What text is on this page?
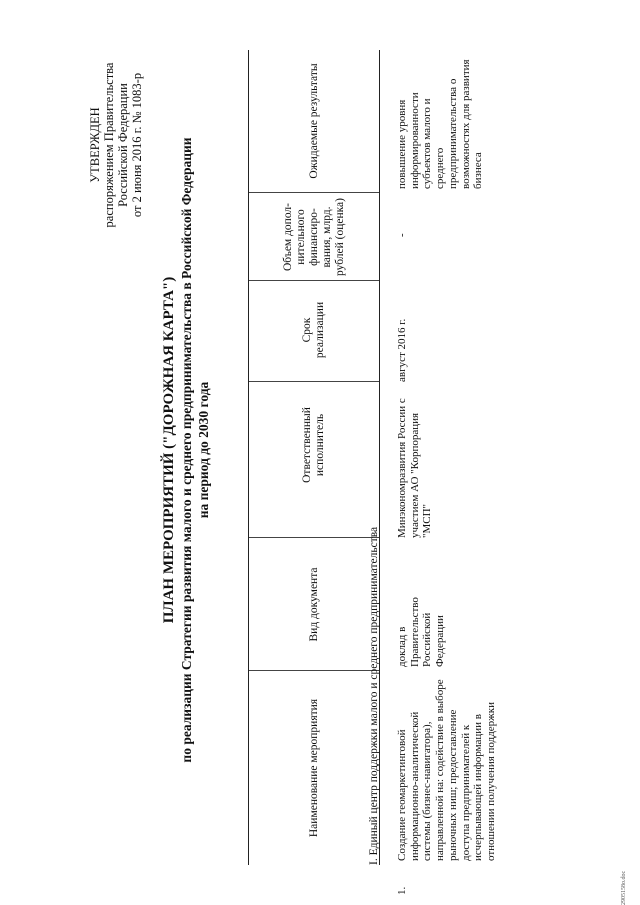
УТВЕРЖДЕН распоряжением Правительства Российской Федерации от 2 июня 2016 г. № 1083-р
ПЛАН МЕРОПРИЯТИЙ ("ДОРОЖНАЯ КАРТА") по реализации Стратегии развития малого и среднего предпринимательства в Российской Федерации на период до 2030 года
Наименование мероприятия
Вид документа
Ответственный исполнитель
Срок реализации
Объем допол-нительного финансиро-вания, млрд. рублей (оценка)
Ожидаемые результаты
I. Единый центр поддержки малого и среднего предпринимательства
1.
Создание геомаркетинговой информационно-аналитической системы (бизнес-навигатора), направленной на: содействие в выборе рыночных ниш; предоставление доступа предпринимателей к исчерпывающей информации в отношении получения поддержки
доклад в Правительство Российской Федерации
Минэкономразвития России с участием АО "Корпорация "МСП"
август 2016 г.
-
повышение уровня информированности субъектов малого и среднего предпринимательства о возможностях для развития бизнеса
2905158о.doc
